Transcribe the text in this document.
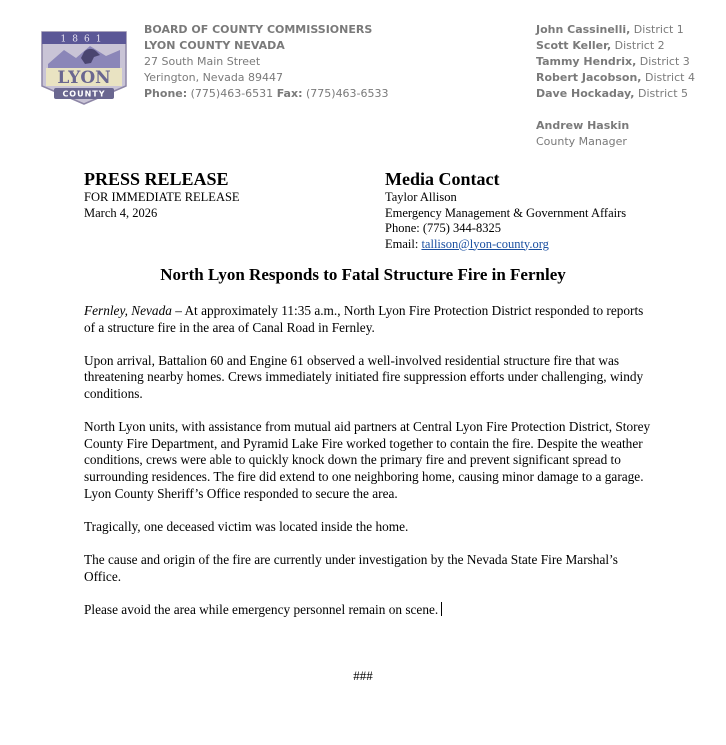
1861
LYON
COUNTY
BOARD OF COUNTY COMMISSIONERS
LYON COUNTY NEVADA
27 South Main Street
Yerington, Nevada 89447
Phone: (775)463-6531 Fax: (775)463-6533
John Cassinelli, District 1
Scott Keller, District 2
Tammy Hendrix, District 3
Robert Jacobson, District 4
Dave Hockaday, District 5
Andrew Haskin
County Manager
PRESS RELEASE
FOR IMMEDIATE RELEASE
March 4, 2026
Media Contact
Taylor Allison
Emergency Management & Government Affairs
Phone: (775) 344-8325
Email: tallison@lyon-county.org
North Lyon Responds to Fatal Structure Fire in Fernley

Fernley, Nevada – At approximately 11:35 a.m., North Lyon Fire Protection District responded to reports of a structure fire in the area of Canal Road in Fernley.

Upon arrival, Battalion 60 and Engine 61 observed a well-involved residential structure fire that was threatening nearby homes. Crews immediately initiated fire suppression efforts under challenging, windy conditions.

North Lyon units, with assistance from mutual aid partners at Central Lyon Fire Protection District, Storey County Fire Department, and Pyramid Lake Fire worked together to contain the fire. Despite the weather conditions, crews were able to quickly knock down the primary fire and prevent significant spread to surrounding residences. The fire did extend to one neighboring home, causing minor damage to a garage. Lyon County Sheriff’s Office responded to secure the area.

Tragically, one deceased victim was located inside the home.

The cause and origin of the fire are currently under investigation by the Nevada State Fire Marshal’s Office.

Please avoid the area while emergency personnel remain on scene.

###
